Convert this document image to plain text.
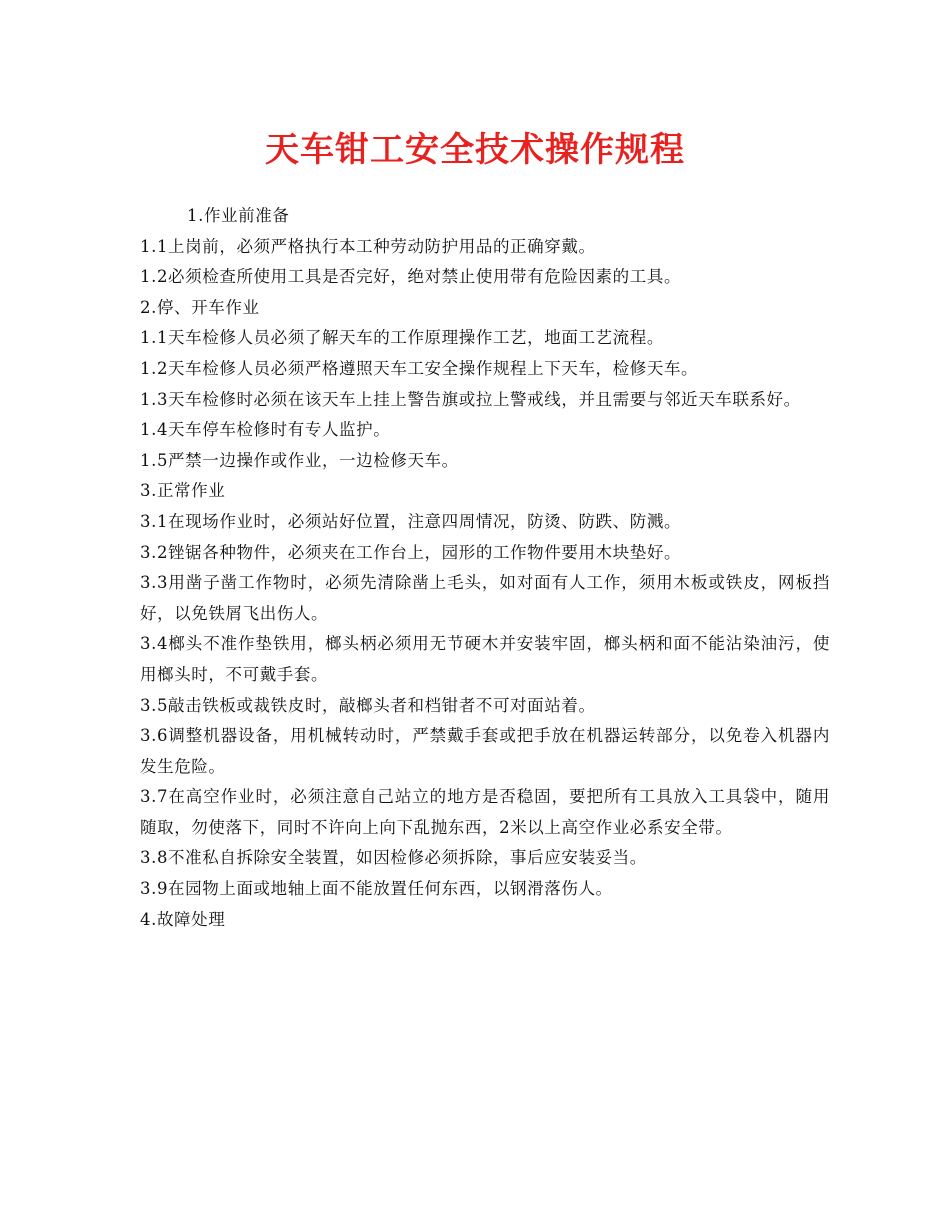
天车钳工安全技术操作规程

1.作业前准备

1.1上岗前，必须严格执行本工种劳动防护用品的正确穿戴。

1.2必须检查所使用工具是否完好，绝对禁止使用带有危险因素的工具。

2.停、开车作业

1.1天车检修人员必须了解天车的工作原理操作工艺，地面工艺流程。

1.2天车检修人员必须严格遵照天车工安全操作规程上下天车，检修天车。

1.3天车检修时必须在该天车上挂上警告旗或拉上警戒线，并且需要与邻近天车联系好。

1.4天车停车检修时有专人监护。

1.5严禁一边操作或作业，一边检修天车。

3.正常作业

3.1在现场作业时，必须站好位置，注意四周情况，防烫、防跌、防溅。

3.2锉锯各种物件，必须夹在工作台上，园形的工作物件要用木块垫好。

3.3用凿子凿工作物时，必须先清除凿上毛头，如对面有人工作，须用木板或铁皮，网板挡好，以免铁屑飞出伤人。

3.4榔头不准作垫铁用，榔头柄必须用无节硬木并安装牢固，榔头柄和面不能沾染油污，使用榔头时，不可戴手套。

3.5敲击铁板或裁铁皮时，敲榔头者和档钳者不可对面站着。

3.6调整机器设备，用机械转动时，严禁戴手套或把手放在机器运转部分，以免卷入机器内发生危险。

3.7在高空作业时，必须注意自己站立的地方是否稳固，要把所有工具放入工具袋中，随用随取，勿使落下，同时不许向上向下乱抛东西，2米以上高空作业必系安全带。

3.8不准私自拆除安全装置，如因检修必须拆除，事后应安装妥当。

3.9在园物上面或地轴上面不能放置任何东西，以钢滑落伤人。

4.故障处理
